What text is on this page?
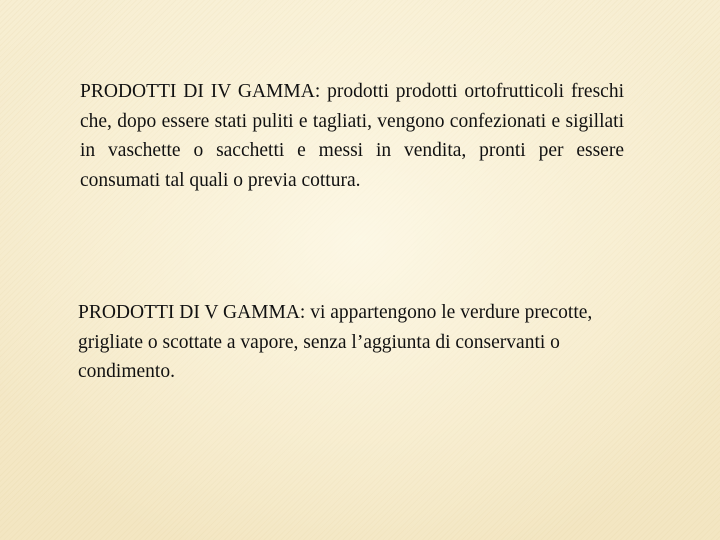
PRODOTTI DI IV GAMMA: prodotti prodotti ortofrutticoli freschi che, dopo essere stati puliti e tagliati, vengono confezionati e sigillati in vaschette o sacchetti e messi in vendita, pronti per essere consumati tal quali o previa cottura.

PRODOTTI DI V GAMMA: vi appartengono le verdure precotte, grigliate o scottate a vapore, senza l’aggiunta di conservanti o condimento.
